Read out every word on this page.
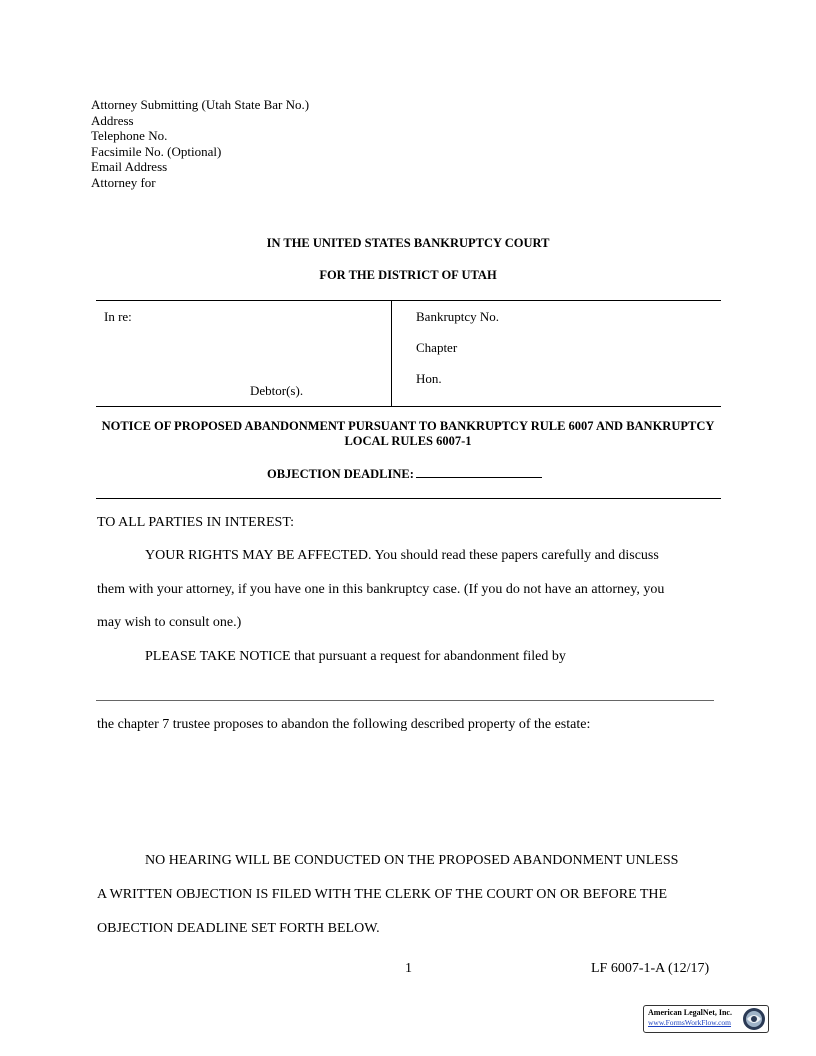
Attorney Submitting (Utah State Bar No.)
Address
Telephone No.
Facsimile No. (Optional)
Email Address
Attorney for
IN THE UNITED STATES BANKRUPTCY COURT
FOR THE DISTRICT OF UTAH
In re:
Debtor(s).
Bankruptcy No.
Chapter
Hon.
NOTICE OF PROPOSED ABANDONMENT PURSUANT TO BANKRUPTCY RULE 6007 AND BANKRUPTCY LOCAL RULES 6007-1
OBJECTION DEADLINE:
TO ALL PARTIES IN INTEREST:
YOUR RIGHTS MAY BE AFFECTED. You should read these papers carefully and discuss
them with your attorney, if you have one in this bankruptcy case. (If you do not have an attorney, you
may wish to consult one.)
PLEASE TAKE NOTICE that pursuant a request for abandonment filed by
the chapter 7 trustee proposes to abandon the following described property of the estate:
NO HEARING WILL BE CONDUCTED ON THE PROPOSED ABANDONMENT UNLESS
A WRITTEN OBJECTION IS FILED WITH THE CLERK OF THE COURT ON OR BEFORE THE
OBJECTION DEADLINE SET FORTH BELOW.
1	LF 6007-1-A (12/17)
American LegalNet, Inc.
www.FormsWorkFlow.com
